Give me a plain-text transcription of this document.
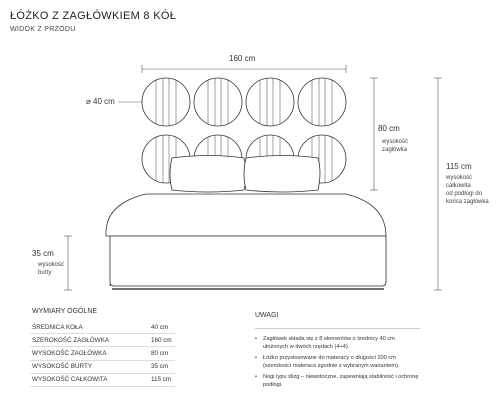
ŁÓŻKO Z ZAGŁÓWKIEM 8 KÓŁ
WIDOK Z PRZODU
160 cm
⌀ 40 cm
80 cm
wysokość
zagłówka
115 cm
wysokość
całkowita
od podłogi do
korica zagłówka
35 cm
wysokość
burty
WYMIARY OGÓLNE
ŚREDNICA KOŁA	40 cm
SZEROKOŚĆ ZAGŁÓWKA	160 cm
WYSOKOŚĆ ZAGŁÓWKA	80 cm
WYSOKOŚĆ BURTY	35 cm
WYSOKOŚĆ CAŁKOWITA	115 cm
UWAGI
•	Zagłówek składa się z 8 elementów o średnicy 40 cm ułożonych w dwóch rzędach (4+4).
•	Łóżko przystosowane do materacy o długości 200 cm (szerokości materaca zgodnie z wybranym wariantem).
•	Nogi typu ślizg – niewidoczne, zapewniają stabilność i ochronę podłogi.
